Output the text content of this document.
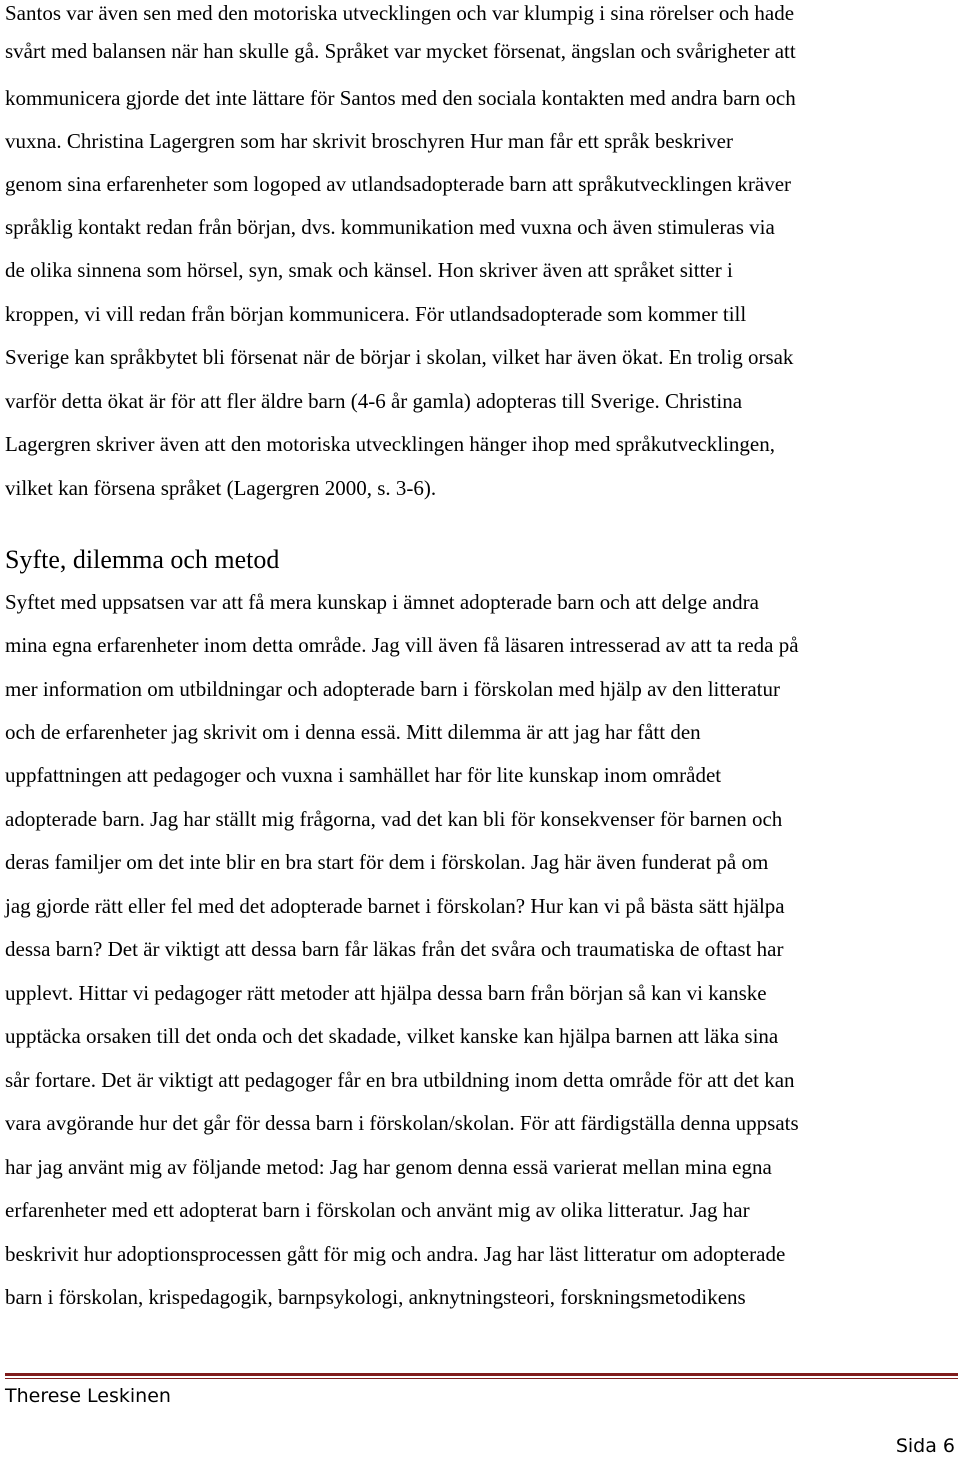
Santos var även sen med den motoriska utvecklingen och var klumpig i sina rörelser och hade
svårt med balansen när han skulle gå. Språket var mycket försenat, ängslan och svårigheter att
kommunicera gjorde det inte lättare för Santos med den sociala kontakten med andra barn och
vuxna. Christina Lagergren som har skrivit broschyren Hur man får ett språk beskriver
genom sina erfarenheter som logoped av utlandsadopterade barn att språkutvecklingen kräver
språklig kontakt redan från början, dvs. kommunikation med vuxna och även stimuleras via
de olika sinnena som hörsel, syn, smak och känsel. Hon skriver även att språket sitter i
kroppen, vi vill redan från början kommunicera. För utlandsadopterade som kommer till
Sverige kan språkbytet bli försenat när de börjar i skolan, vilket har även ökat. En trolig orsak
varför detta ökat är för att fler äldre barn (4-6 år gamla) adopteras till Sverige. Christina
Lagergren skriver även att den motoriska utvecklingen hänger ihop med språkutvecklingen,
vilket kan försena språket (Lagergren 2000, s. 3-6).
Syfte, dilemma och metod
Syftet med uppsatsen var att få mera kunskap i ämnet adopterade barn och att delge andra
mina egna erfarenheter inom detta område. Jag vill även få läsaren intresserad av att ta reda på
mer information om utbildningar och adopterade barn i förskolan med hjälp av den litteratur
och de erfarenheter jag skrivit om i denna essä. Mitt dilemma är att jag har fått den
uppfattningen att pedagoger och vuxna i samhället har för lite kunskap inom området
adopterade barn. Jag har ställt mig frågorna, vad det kan bli för konsekvenser för barnen och
deras familjer om det inte blir en bra start för dem i förskolan. Jag här även funderat på om
jag gjorde rätt eller fel med det adopterade barnet i förskolan? Hur kan vi på bästa sätt hjälpa
dessa barn? Det är viktigt att dessa barn får läkas från det svåra och traumatiska de oftast har
upplevt. Hittar vi pedagoger rätt metoder att hjälpa dessa barn från början så kan vi kanske
upptäcka orsaken till det onda och det skadade, vilket kanske kan hjälpa barnen att läka sina
sår fortare. Det är viktigt att pedagoger får en bra utbildning inom detta område för att det kan
vara avgörande hur det går för dessa barn i förskolan/skolan. För att färdigställa denna uppsats
har jag använt mig av följande metod: Jag har genom denna essä varierat mellan mina egna
erfarenheter med ett adopterat barn i förskolan och använt mig av olika litteratur. Jag har
beskrivit hur adoptionsprocessen gått för mig och andra. Jag har läst litteratur om adopterade
barn i förskolan, krispedagogik, barnpsykologi, anknytningsteori, forskningsmetodikens
Therese Leskinen
Sida 6
